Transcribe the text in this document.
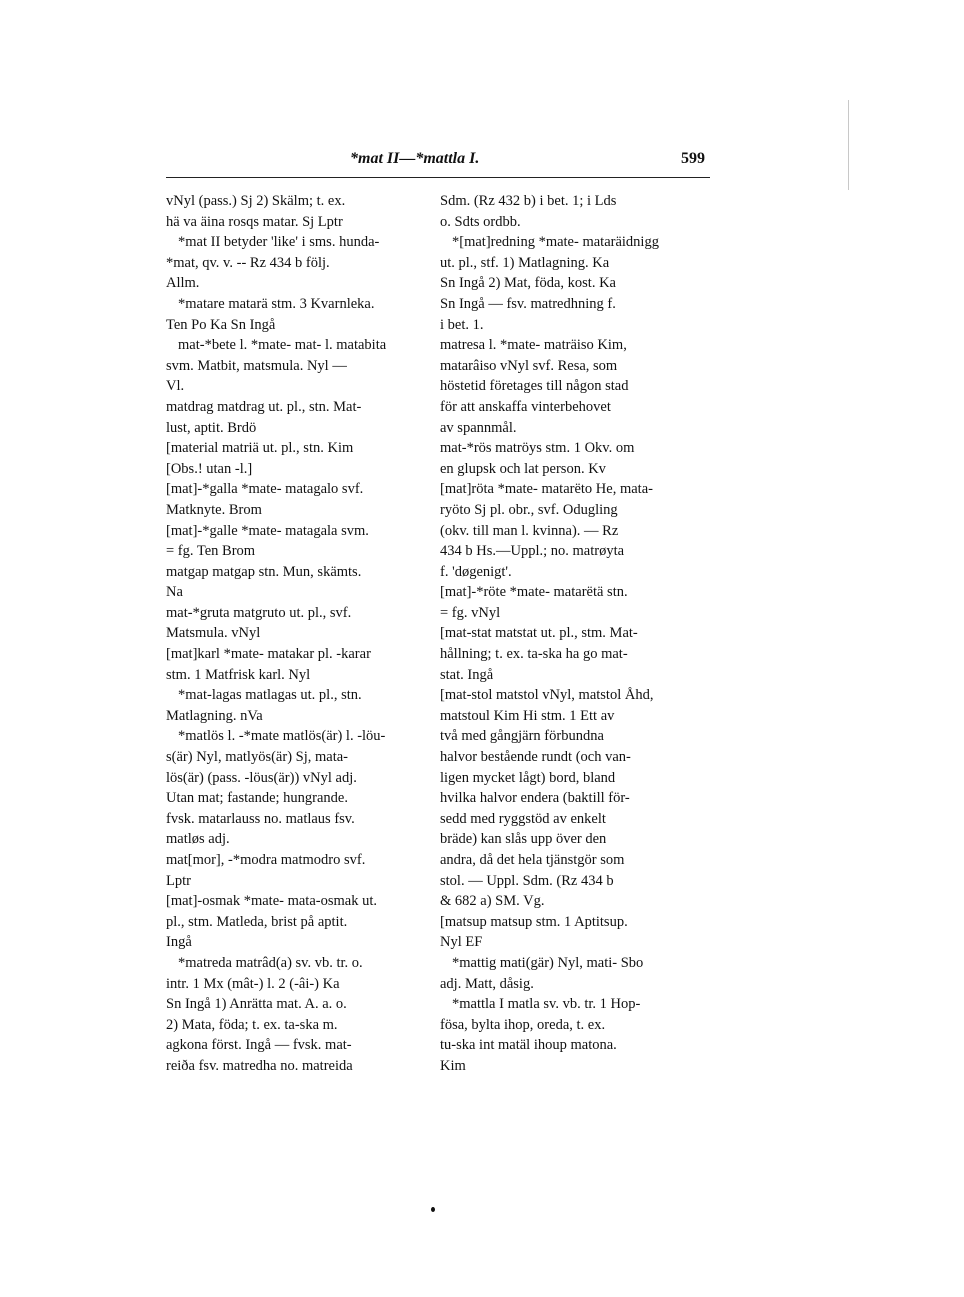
*mat II—*mattla I.	599
vNyl (pass.) Sj 2) Skälm; t. ex.
hä va äina rosqs matar. Sj Lptr
*mat II betyder 'like' i sms. hunda-
*mat, qv. v. -- Rz 434 b följ.
Allm.
*matare matarä stm. 3 Kvarnleka.
Ten Po Ka Sn Ingå
mat-*bete l. *mate- mat- l. matabita
svm. Matbit, matsmula. Nyl —
Vl.
matdrag matdrag ut. pl., stn. Mat-
lust, aptit. Brdö
[material matriä ut. pl., stn. Kim
[Obs.! utan -l.]
[mat]-*galla *mate- matagalo svf.
Matknyte. Brom
[mat]-*galle *mate- matagala svm.
= fg. Ten Brom
matgap matgap stn. Mun, skämts.
Na
mat-*gruta matgruto ut. pl., svf.
Matsmula. vNyl
[mat]karl *mate- matakar pl. -karar
stm. 1 Matfrisk karl. Nyl
*mat-lagas matlagas ut. pl., stn.
Matlagning. nVa
*matlös l. -*mate matlös(är) l. -löu-
s(är) Nyl, matlyös(är) Sj, mata-
lös(är) (pass. -löus(är)) vNyl adj.
Utan mat; fastande; hungrande.
fvsk. matarlauss no. matlaus fsv.
matløs adj.
mat[mor], -*modra matmodro svf.
Lptr
[mat]-osmak *mate- mata-osmak ut.
pl., stm. Matleda, brist på aptit.
Ingå
*matreda matrâd(a) sv. vb. tr. o.
intr. 1 Mx (mât-) l. 2 (-âi-) Ka
Sn Ingå 1) Anrätta mat. A. a. o.
2) Mata, föda; t. ex. ta-ska m.
agkona först. Ingå — fvsk. mat-
reiða fsv. matredha no. matreida
Sdm. (Rz 432 b) i bet. 1; i Lds
o. Sdts ordbb.
*[mat]redning *mate- mataräidnigg
ut. pl., stf. 1) Matlagning. Ka
Sn Ingå 2) Mat, föda, kost. Ka
Sn Ingå — fsv. matredhning f.
i bet. 1.
matresa l. *mate- maträiso Kim,
matarâiso vNyl svf. Resa, som
höstetid företages till någon stad
för att anskaffa vinterbehovet
av spannmål.
mat-*rös matröys stm. 1 Okv. om
en glupsk och lat person. Kv
[mat]röta *mate- matarëto He, mata-
ryöto Sj pl. obr., svf. Odugling
(okv. till man l. kvinna). — Rz
434 b Hs.—Uppl.; no. matrøyta
f. 'døgenigt'.
[mat]-*röte *mate- matarëtä stn.
= fg. vNyl
[mat-stat matstat ut. pl., stm. Mat-
hållning; t. ex. ta-ska ha go mat-
stat. Ingå
[mat-stol matstol vNyl, matstol Åhd,
matstoul Kim Hi stm. 1 Ett av
två med gångjärn förbundna
halvor bestående rundt (och van-
ligen mycket lågt) bord, bland
hvilka halvor endera (baktill för-
sedd med ryggstöd av enkelt
bräde) kan slås upp över den
andra, då det hela tjänstgör som
stol. — Uppl. Sdm. (Rz 434 b
& 682 a) SM. Vg.
[matsup matsup stm. 1 Aptitsup.
Nyl EF
*mattig mati(gär) Nyl, mati- Sbo
adj. Matt, dåsig.
*mattla I matla sv. vb. tr. 1 Hop-
fösa, bylta ihop, oreda, t. ex.
tu-ska int matäl ihoup matona.
Kim
